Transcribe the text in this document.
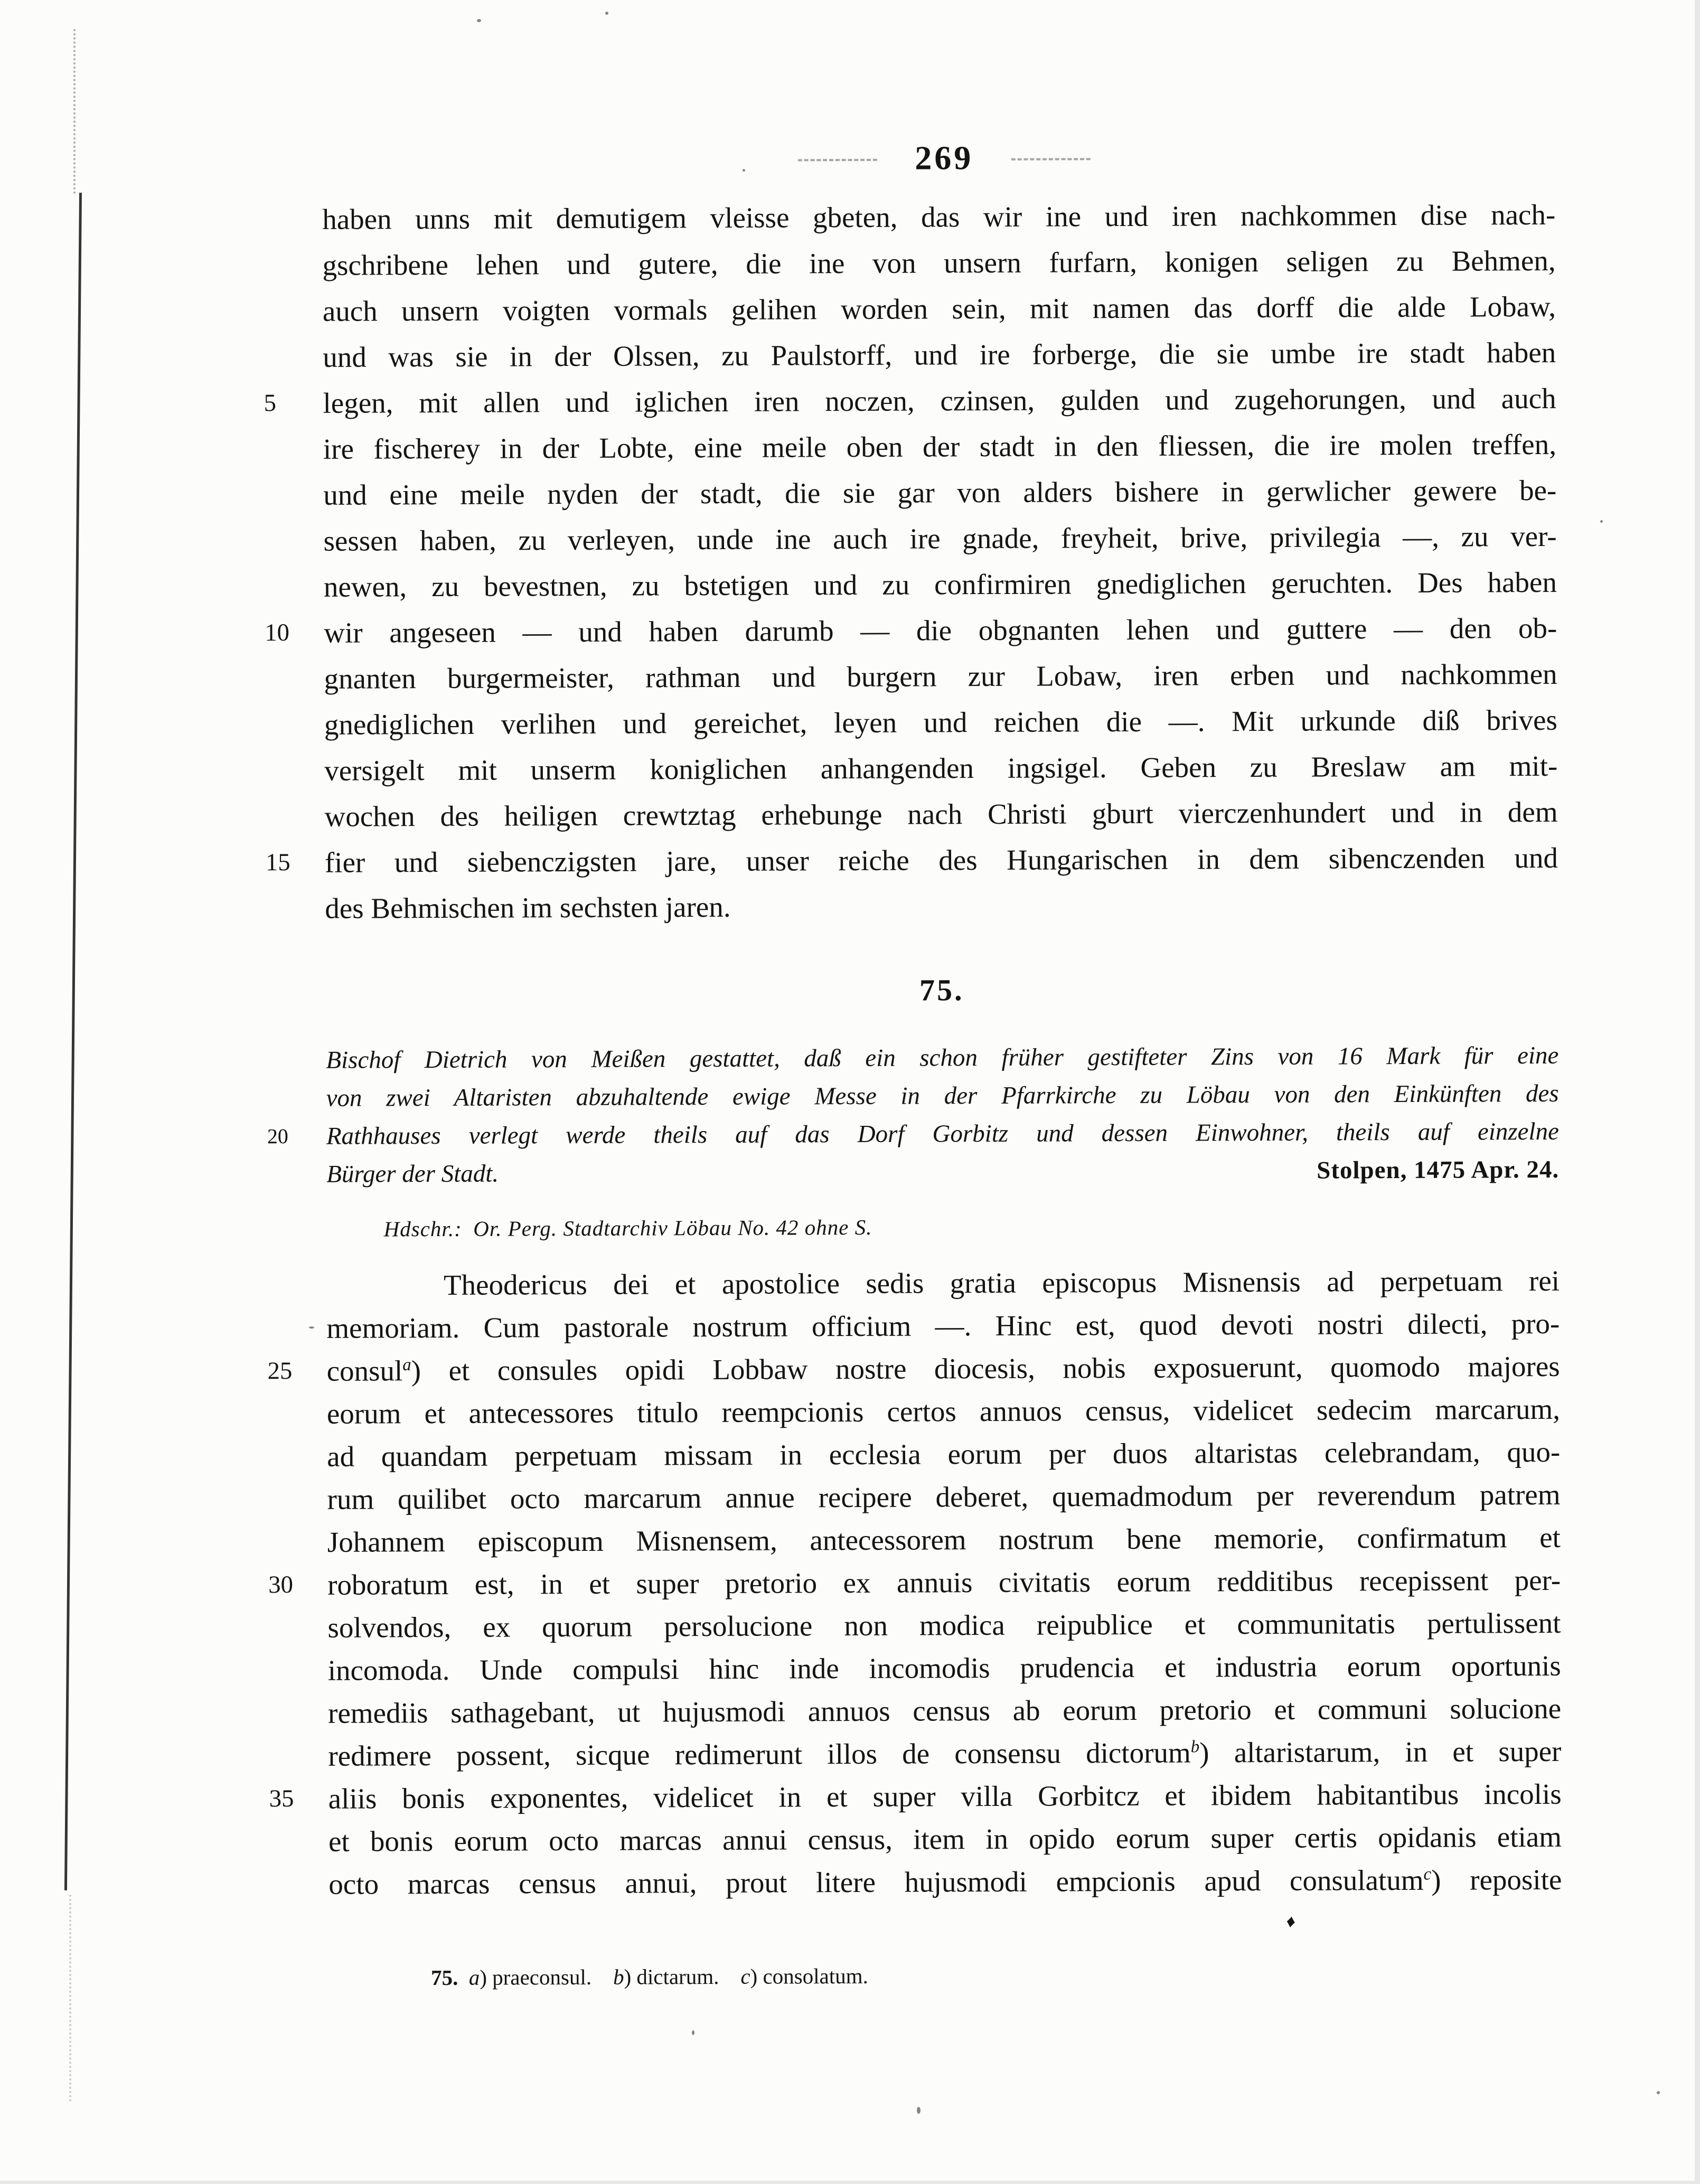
269
haben unns mit demutigem vleisse gbeten, das wir ine und iren nachkommen dise nach-
gschribene lehen und gutere, die ine von unsern furfarn, konigen seligen zu Behmen,
auch unsern voigten vormals gelihen worden sein, mit namen das dorff die alde Lobaw,
und was sie in der Olssen, zu Paulstorff, und ire forberge, die sie umbe ire stadt haben
5	legen, mit allen und iglichen iren noczen, czinsen, gulden und zugehorungen, und auch
ire fischerey in der Lobte, eine meile oben der stadt in den fliessen, die ire molen treffen,
und eine meile nyden der stadt, die sie gar von alders bishere in gerwlicher gewere be-
sessen haben, zu verleyen, unde ine auch ire gnade, freyheit, brive, privilegia —, zu ver-
newen, zu bevestnen, zu bstetigen und zu confirmiren gnediglichen geruchten. Des haben
10	wir angeseen — und haben darumb — die obgnanten lehen und guttere — den ob-
gnanten burgermeister, rathman und burgern zur Lobaw, iren erben und nachkommen
gnediglichen verlihen und gereichet, leyen und reichen die —. Mit urkunde diß brives
versigelt mit unserm koniglichen anhangenden ingsigel. Geben zu Breslaw am mit-
wochen des heiligen crewtztag erhebunge nach Christi gburt vierczenhundert und in dem
15	fier und siebenczigsten jare, unser reiche des Hungarischen in dem sibenczenden und
des Behmischen im sechsten jaren.
75.
Bischof Dietrich von Meißen gestattet, daß ein schon früher gestifteter Zins von 16 Mark für eine
von zwei Altaristen abzuhaltende ewige Messe in der Pfarrkirche zu Löbau von den Einkünften des
20	Rathhauses verlegt werde theils auf das Dorf Gorbitz und dessen Einwohner, theils auf einzelne
Bürger der Stadt.	Stolpen, 1475 Apr. 24.
Hdschr.: Or. Perg. Stadtarchiv Löbau No. 42 ohne S.
Theodericus dei et apostolice sedis gratia episcopus Misnensis ad perpetuam rei
memoriam. Cum pastorale nostrum officium —. Hinc est, quod devoti nostri dilecti, pro-
25	consul$^a$) et consules opidi Lobbaw nostre diocesis, nobis exposuerunt, quomodo majores
eorum et antecessores titulo reempcionis certos annuos census, videlicet sedecim marcarum,
ad quandam perpetuam missam in ecclesia eorum per duos altaristas celebrandam, quo-
rum quilibet octo marcarum annue recipere deberet, quemadmodum per reverendum patrem
Johannem episcopum Misnensem, antecessorem nostrum bene memorie, confirmatum et
30	roboratum est, in et super pretorio ex annuis civitatis eorum redditibus recepissent per-
solvendos, ex quorum persolucione non modica reipublice et communitatis pertulissent
incomoda. Unde compulsi hinc inde incomodis prudencia et industria eorum oportunis
remediis sathagebant, ut hujusmodi annuos census ab eorum pretorio et communi solucione
redimere possent, sicque redimerunt illos de consensu dictorum$^b$) altaristarum, in et super
35	aliis bonis exponentes, videlicet in et super villa Gorbitcz et ibidem habitantibus incolis
et bonis eorum octo marcas annui census, item in opido eorum super certis opidanis etiam
octo marcas census annui, prout litere hujusmodi empcionis apud consulatum$^c$) reposite
♦
75.  a) praeconsul.  b) dictarum.  c) consolatum.
